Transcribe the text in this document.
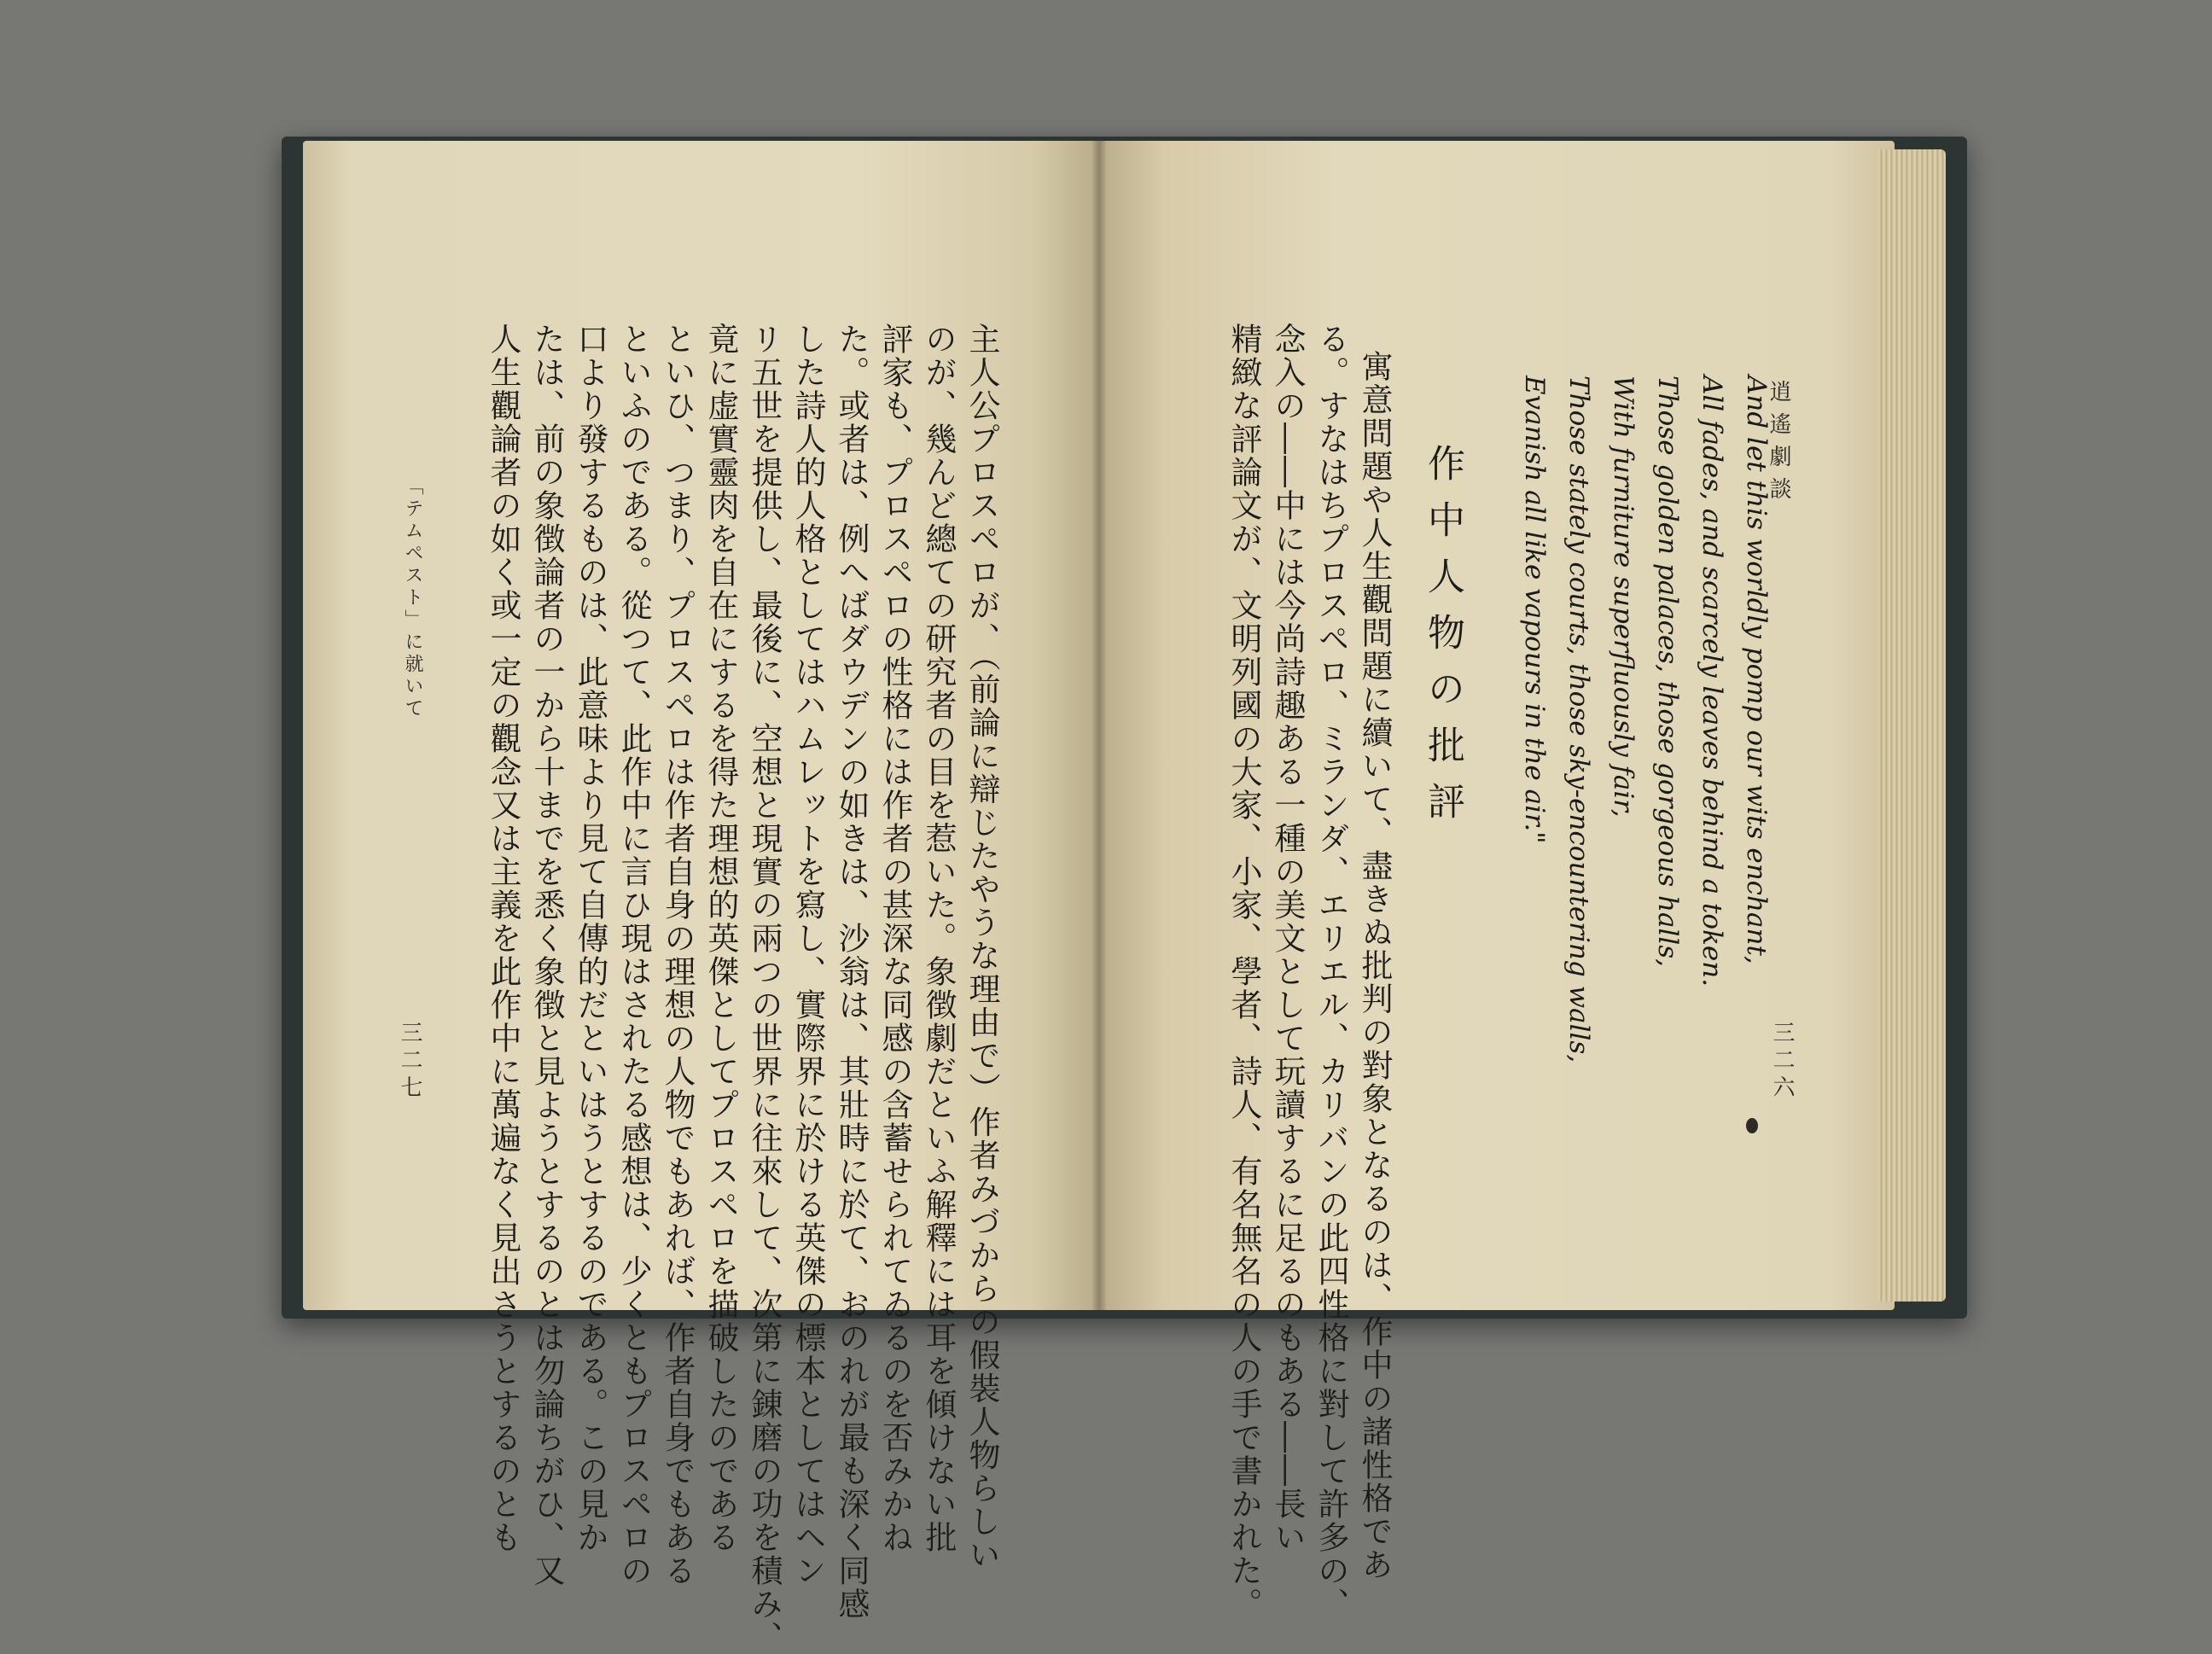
主人公プロスペロが、（前論に辯じたやうな理由で）作者みづからの假裝人物らしい
のが、幾んど總ての研究者の目を惹いた。象徴劇だといふ解釋には耳を傾けない批
評家も、プロスペロの性格には作者の甚深な同感の含蓄せられてゐるのを否みかね
た。或者は、例へばダウデンの如きは、沙翁は、其壯時に於て、おのれが最も深く同感
した詩人的人格としてはハムレットを寫し、實際界に於ける英傑の標本としてはヘン
リ五世を提供し、最後に、空想と現實の兩つの世界に往來して、次第に錬磨の功を積み、
竟に虚實靈肉を自在にするを得た理想的英傑としてプロスペロを描破したのである
といひ、つまり、プロスペロは作者自身の理想の人物でもあれば、作者自身でもある
といふのである。從つて、此作中に言ひ現はされたる感想は、少くともプロスペロの
口より發するものは、此意味より見て自傳的だといはうとするのである。この見か
たは、前の象徴論者の一から十までを悉く象徴と見ようとするのとは勿論ちがひ、又
人生觀論者の如く或一定の觀念又は主義を此作中に萬遍なく見出さうとするのとも
「テムペスト」に就いて
三二七
逍遙劇談
And let this worldly pomp our wits enchant,
All fades, and scarcely leaves behind a token.
Those golden palaces, those gorgeous halls,
With furniture superfluously fair,
Those stately courts, those sky-encountering walls,
Evanish all like vapours in the air."
作中人物の批評
寓意問題や人生觀問題に續いて、盡きぬ批判の對象となるのは、作中の諸性格であ
る。すなはちプロスペロ、ミランダ、エリエル、カリバンの此四性格に對して許多の、
念入の――中には今尚詩趣ある一種の美文として玩讀するに足るのもある――長い
精緻な評論文が、文明列國の大家、小家、學者、詩人、有名無名の人の手で書かれた。	三二六
